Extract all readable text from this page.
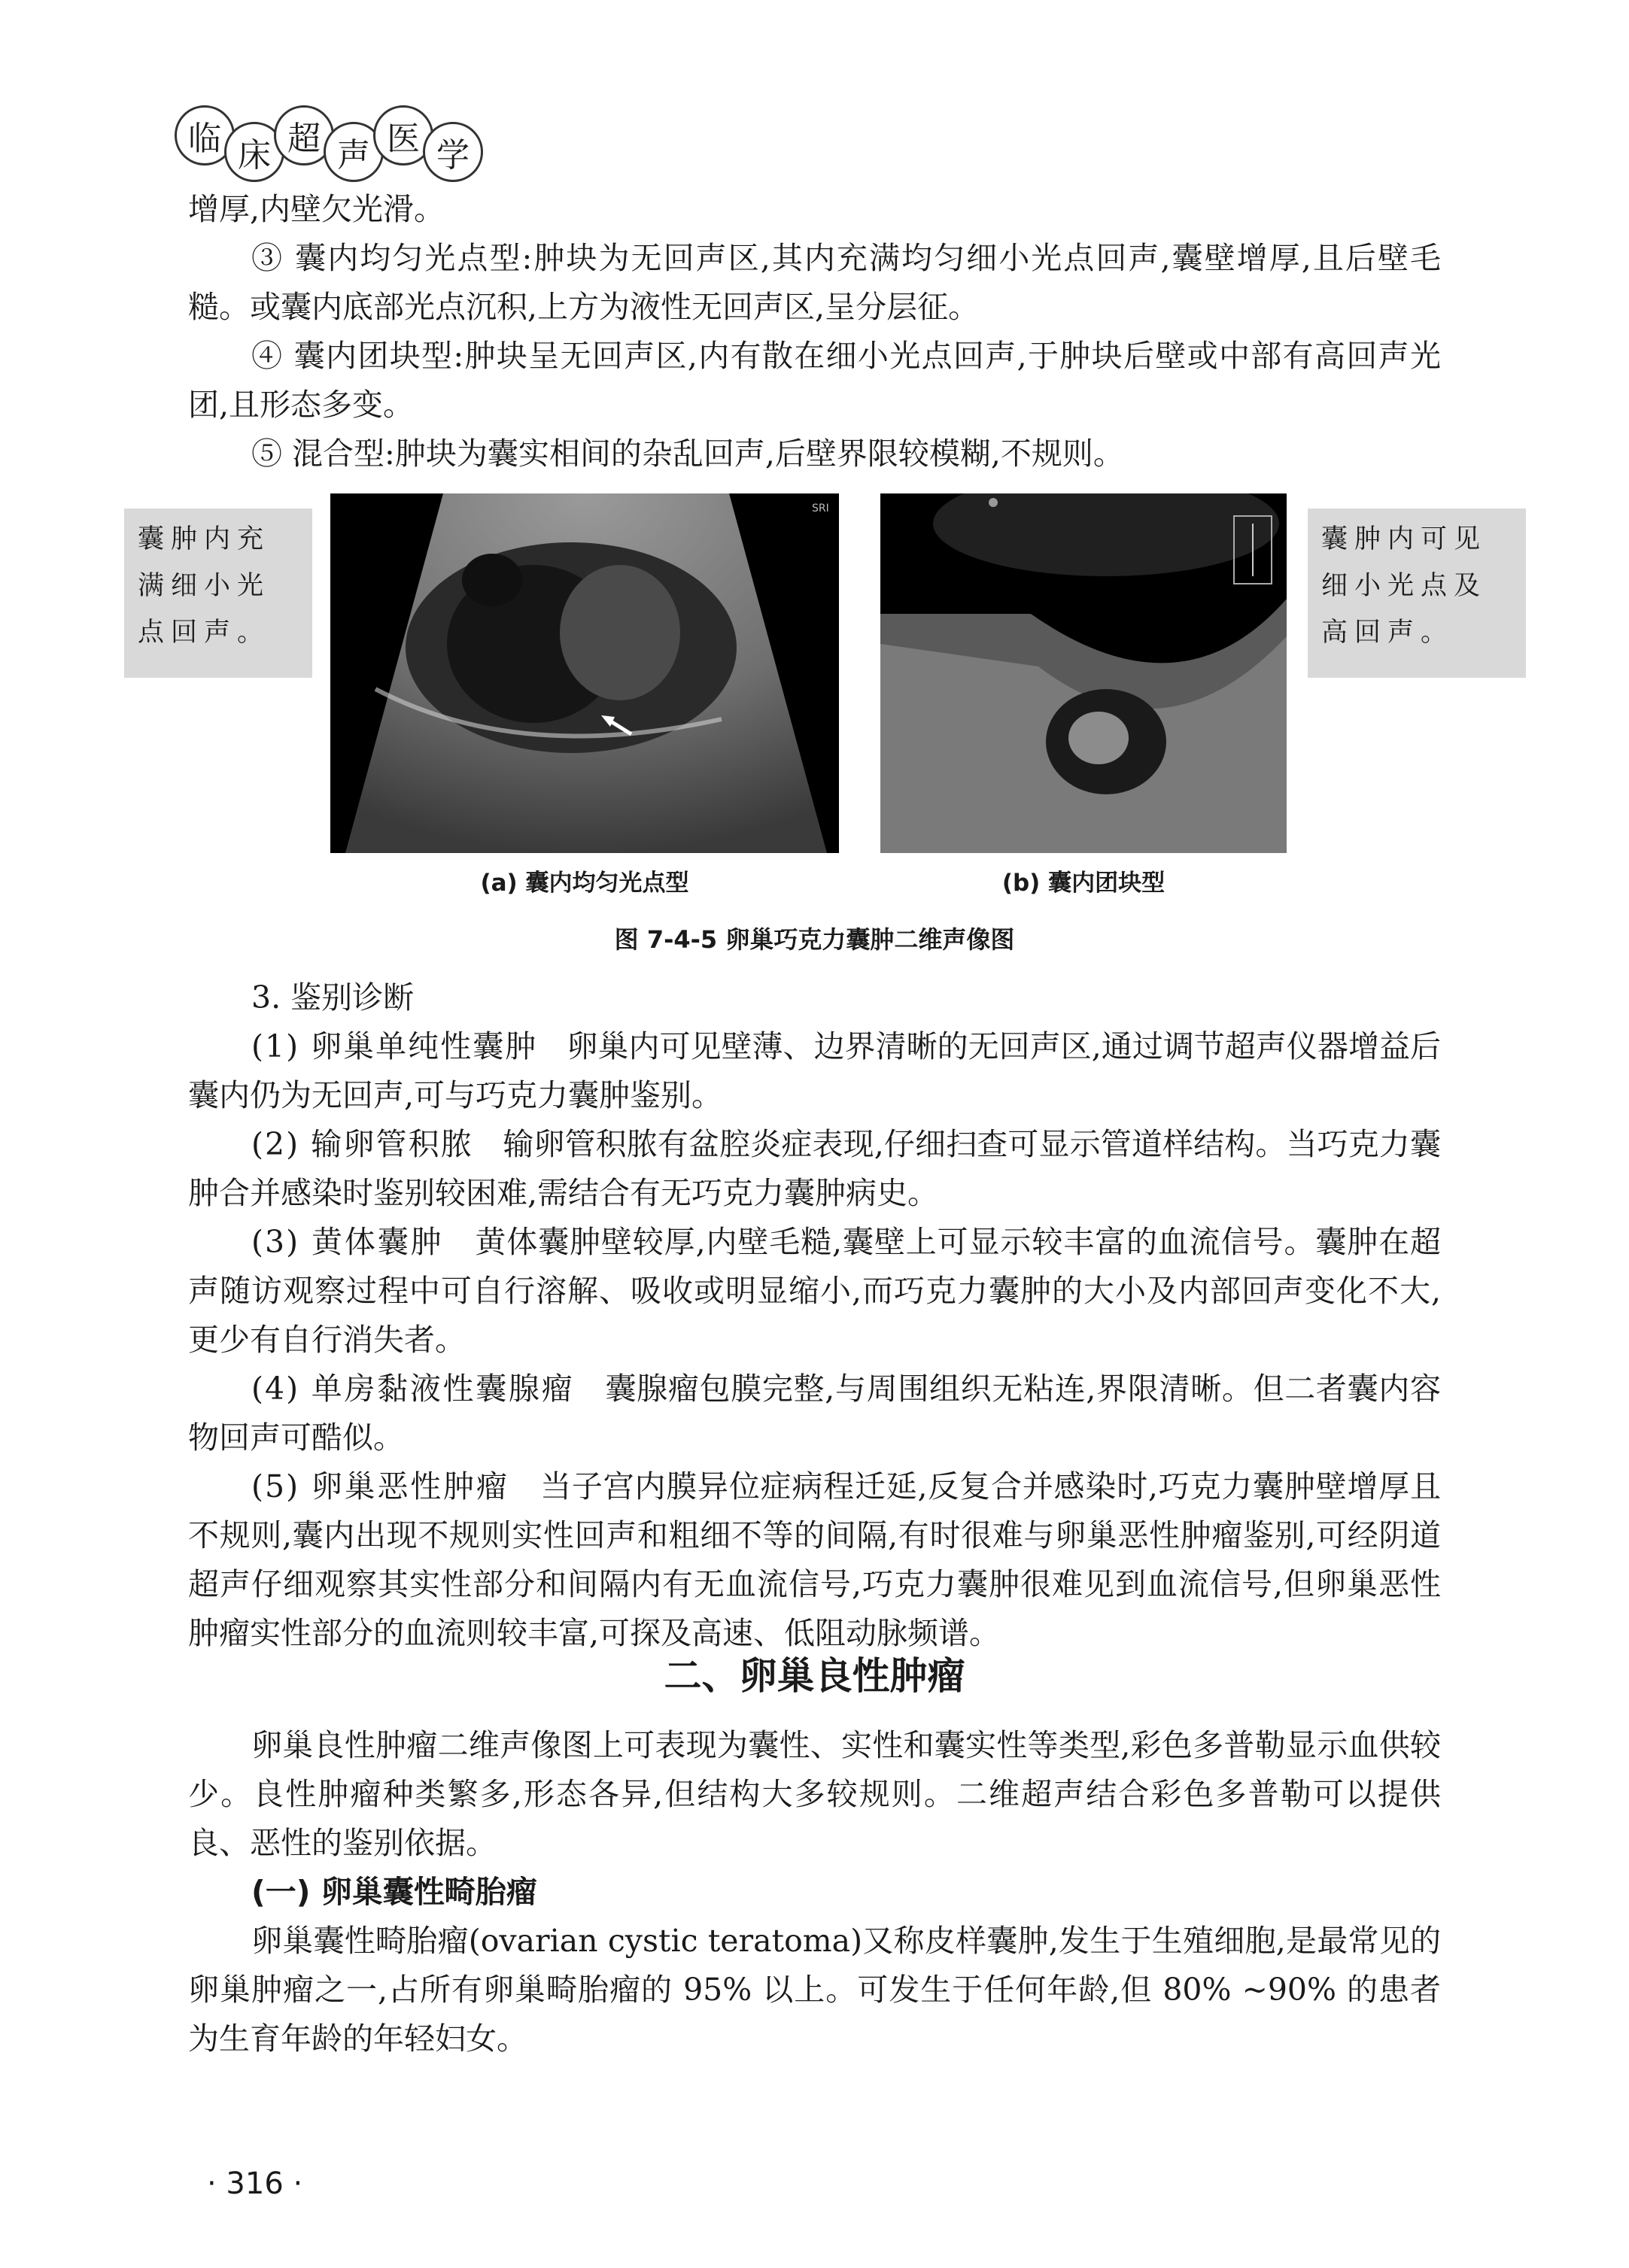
临 床 超 声 医 学

增厚,内壁欠光滑。

③ 囊内均匀光点型:肿块为无回声区,其内充满均匀细小光点回声,囊壁增厚,且后壁毛糙。或囊内底部光点沉积,上方为液性无回声区,呈分层征。

④ 囊内团块型:肿块呈无回声区,内有散在细小光点回声,于肿块后壁或中部有高回声光团,且形态多变。

⑤ 混合型:肿块为囊实相间的杂乱回声,后壁界限较模糊,不规则。

囊肿内充满细小光点回声。
囊肿内可见细小光点及高回声。
SRI
(a) 囊内均匀光点型	(b) 囊内团块型
图 7-4-5 卵巢巧克力囊肿二维声像图

3. 鉴别诊断

(1) 卵巢单纯性囊肿 卵巢内可见壁薄、边界清晰的无回声区,通过调节超声仪器增益后囊内仍为无回声,可与巧克力囊肿鉴别。

(2) 输卵管积脓 输卵管积脓有盆腔炎症表现,仔细扫查可显示管道样结构。当巧克力囊肿合并感染时鉴别较困难,需结合有无巧克力囊肿病史。

(3) 黄体囊肿 黄体囊肿壁较厚,内壁毛糙,囊壁上可显示较丰富的血流信号。囊肿在超声随访观察过程中可自行溶解、吸收或明显缩小,而巧克力囊肿的大小及内部回声变化不大,更少有自行消失者。

(4) 单房黏液性囊腺瘤 囊腺瘤包膜完整,与周围组织无粘连,界限清晰。但二者囊内容物回声可酷似。

(5) 卵巢恶性肿瘤 当子宫内膜异位症病程迁延,反复合并感染时,巧克力囊肿壁增厚且不规则,囊内出现不规则实性回声和粗细不等的间隔,有时很难与卵巢恶性肿瘤鉴别,可经阴道超声仔细观察其实性部分和间隔内有无血流信号,巧克力囊肿很难见到血流信号,但卵巢恶性肿瘤实性部分的血流则较丰富,可探及高速、低阻动脉频谱。

二、卵巢良性肿瘤

卵巢良性肿瘤二维声像图上可表现为囊性、实性和囊实性等类型,彩色多普勒显示血供较少。良性肿瘤种类繁多,形态各异,但结构大多较规则。二维超声结合彩色多普勒可以提供良、恶性的鉴别依据。

(一) 卵巢囊性畸胎瘤

卵巢囊性畸胎瘤(ovarian cystic teratoma)又称皮样囊肿,发生于生殖细胞,是最常见的卵巢肿瘤之一,占所有卵巢畸胎瘤的 95% 以上。可发生于任何年龄,但 80% ~90% 的患者为生育年龄的年轻妇女。

· 316 ·
